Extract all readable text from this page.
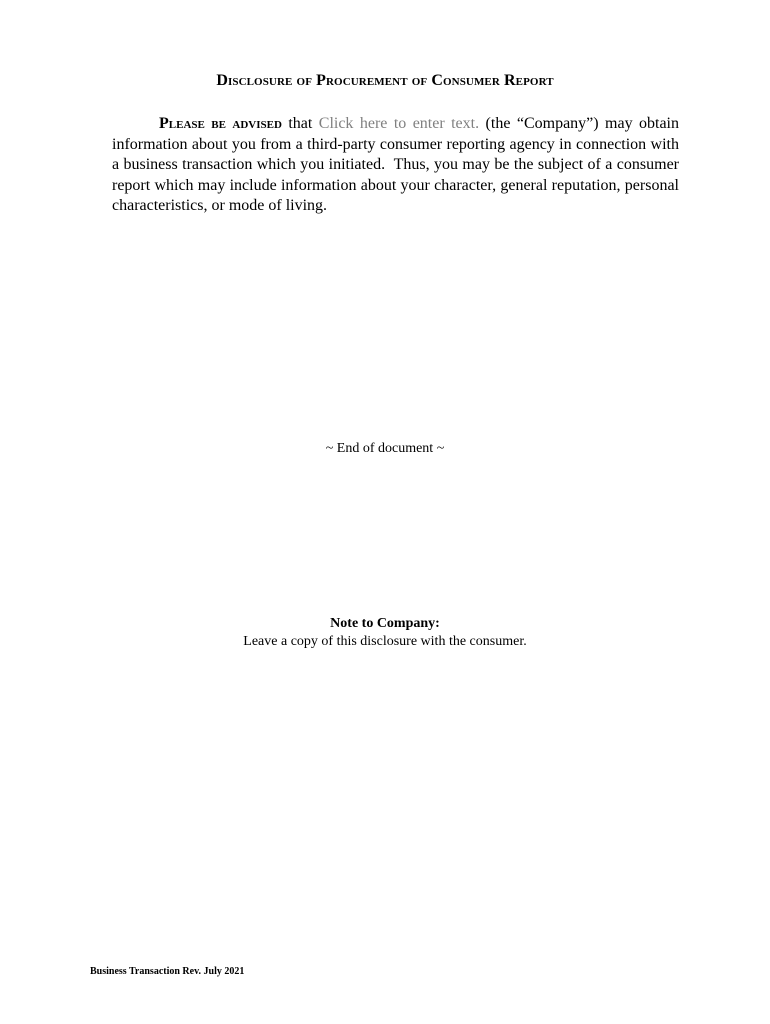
Disclosure of Procurement of Consumer Report

Please be advised that Click here to enter text. (the “Company”) may obtain information about you from a third-party consumer reporting agency in connection with a business transaction which you initiated.  Thus, you may be the subject of a consumer report which may include information about your character, general reputation, personal characteristics, or mode of living.

~ End of document ~
Note to Company:
Leave a copy of this disclosure with the consumer.
Business Transaction Rev. July 2021
